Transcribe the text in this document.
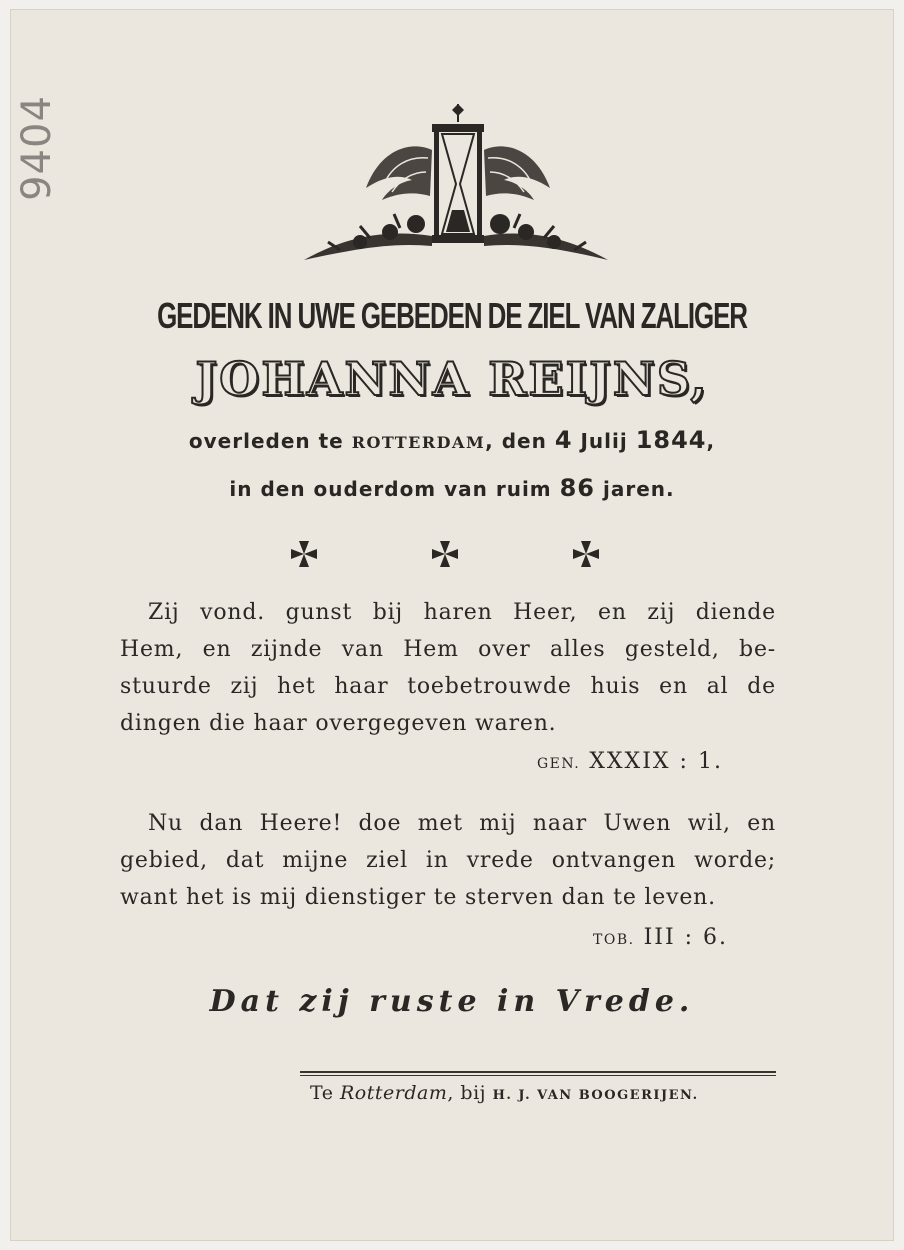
9404
GEDENK IN UWE GEBEDEN DE ZIEL VAN ZALIGER
JOHANNA REIJNS,
overleden te ROTTERDAM, den 4 Julij 1844,
in den ouderdom van ruim 86 jaren.
Zij vond. gunst bij haren Heer, en zij diende
Hem, en zijnde van Hem over alles gesteld, be-
stuurde zij het haar toebetrouwde huis en al de
dingen die haar overgegeven waren.
GEN. XXXIX : 1.
Nu dan Heere! doe met mij naar Uwen wil, en
gebied, dat mijne ziel in vrede ontvangen worde;
want het is mij dienstiger te sterven dan te leven.
TOB. III : 6.
Dat zij ruste in Vrede.
Te Rotterdam, bij H. J. VAN BOOGERIJEN.
